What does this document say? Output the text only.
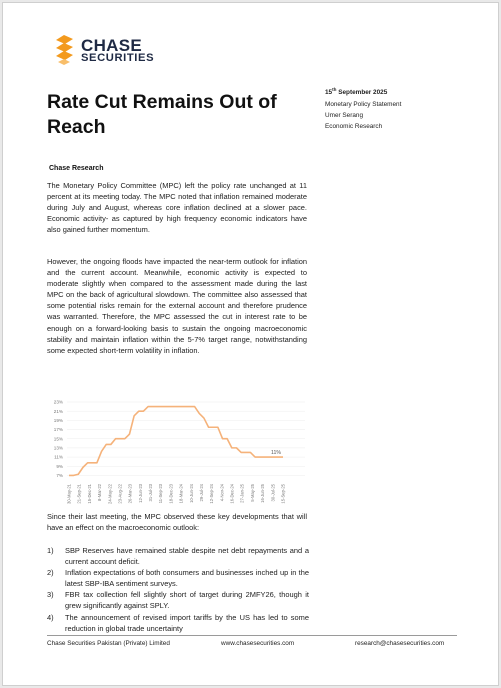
CHASE
SECURITIES
Rate Cut Remains Out of Reach
15th September 2025
Monetary Policy Statement
Umer Serang
Economic Research
Chase Research
The Monetary Policy Committee (MPC) left the policy rate unchanged at 11 percent at its meeting today. The MPC noted that inflation remained moderate during July and August, whereas core inflation declined at a slower pace. Economic activity- as captured by high frequency economic indicators have also gained further momentum.
However, the ongoing floods have impacted the near-term outlook for inflation and the current account. Meanwhile, economic activity is expected to moderate slightly when compared to the assessment made during the last MPC on the back of agricultural slowdown. The committee also assessed that some potential risks remain for the external account and therefore prudence was warranted. Therefore, the MPC assessed the cut in interest rate to be enough on a forward-looking basis to sustain the ongoing macroeconomic stability and maintain inflation within the 5-7% target range, notwithstanding some expected short-term volatility in inflation.
23%
21%
19%
17%
15%
13%
11%
9%
7%
11%
30-May-21 21-Sep-21 15-Dec-21 8-Mar-22 24-May-22 23-Aug-22 26-Mar-23 12-Jun-23 31-Jul-23 11-Sep-23 18-Dec-23 18-Mar-24 10-Jun-24 29-Jul-24 12-Sep-24 4-Nov-24 16-Dec-24 27-Jan-25 5-May-25 16-Jun-25 30-Jul-25 15-Sep-25
Since their last meeting, the MPC observed these key developments that will have an effect on the macroeconomic outlook:
1) SBP Reserves have remained stable despite net debt repayments and a current account deficit.
2) Inflation expectations of both consumers and businesses inched up in the latest SBP-IBA sentiment surveys.
3) FBR tax collection fell slightly short of target during 2MFY26, though it grew significantly against SPLY.
4) The announcement of revised import tariffs by the US has led to some reduction in global trade uncertainty
Chase Securities Pakistan (Private) Limited	www.chasesecurities.com	research@chasesecurities.com
